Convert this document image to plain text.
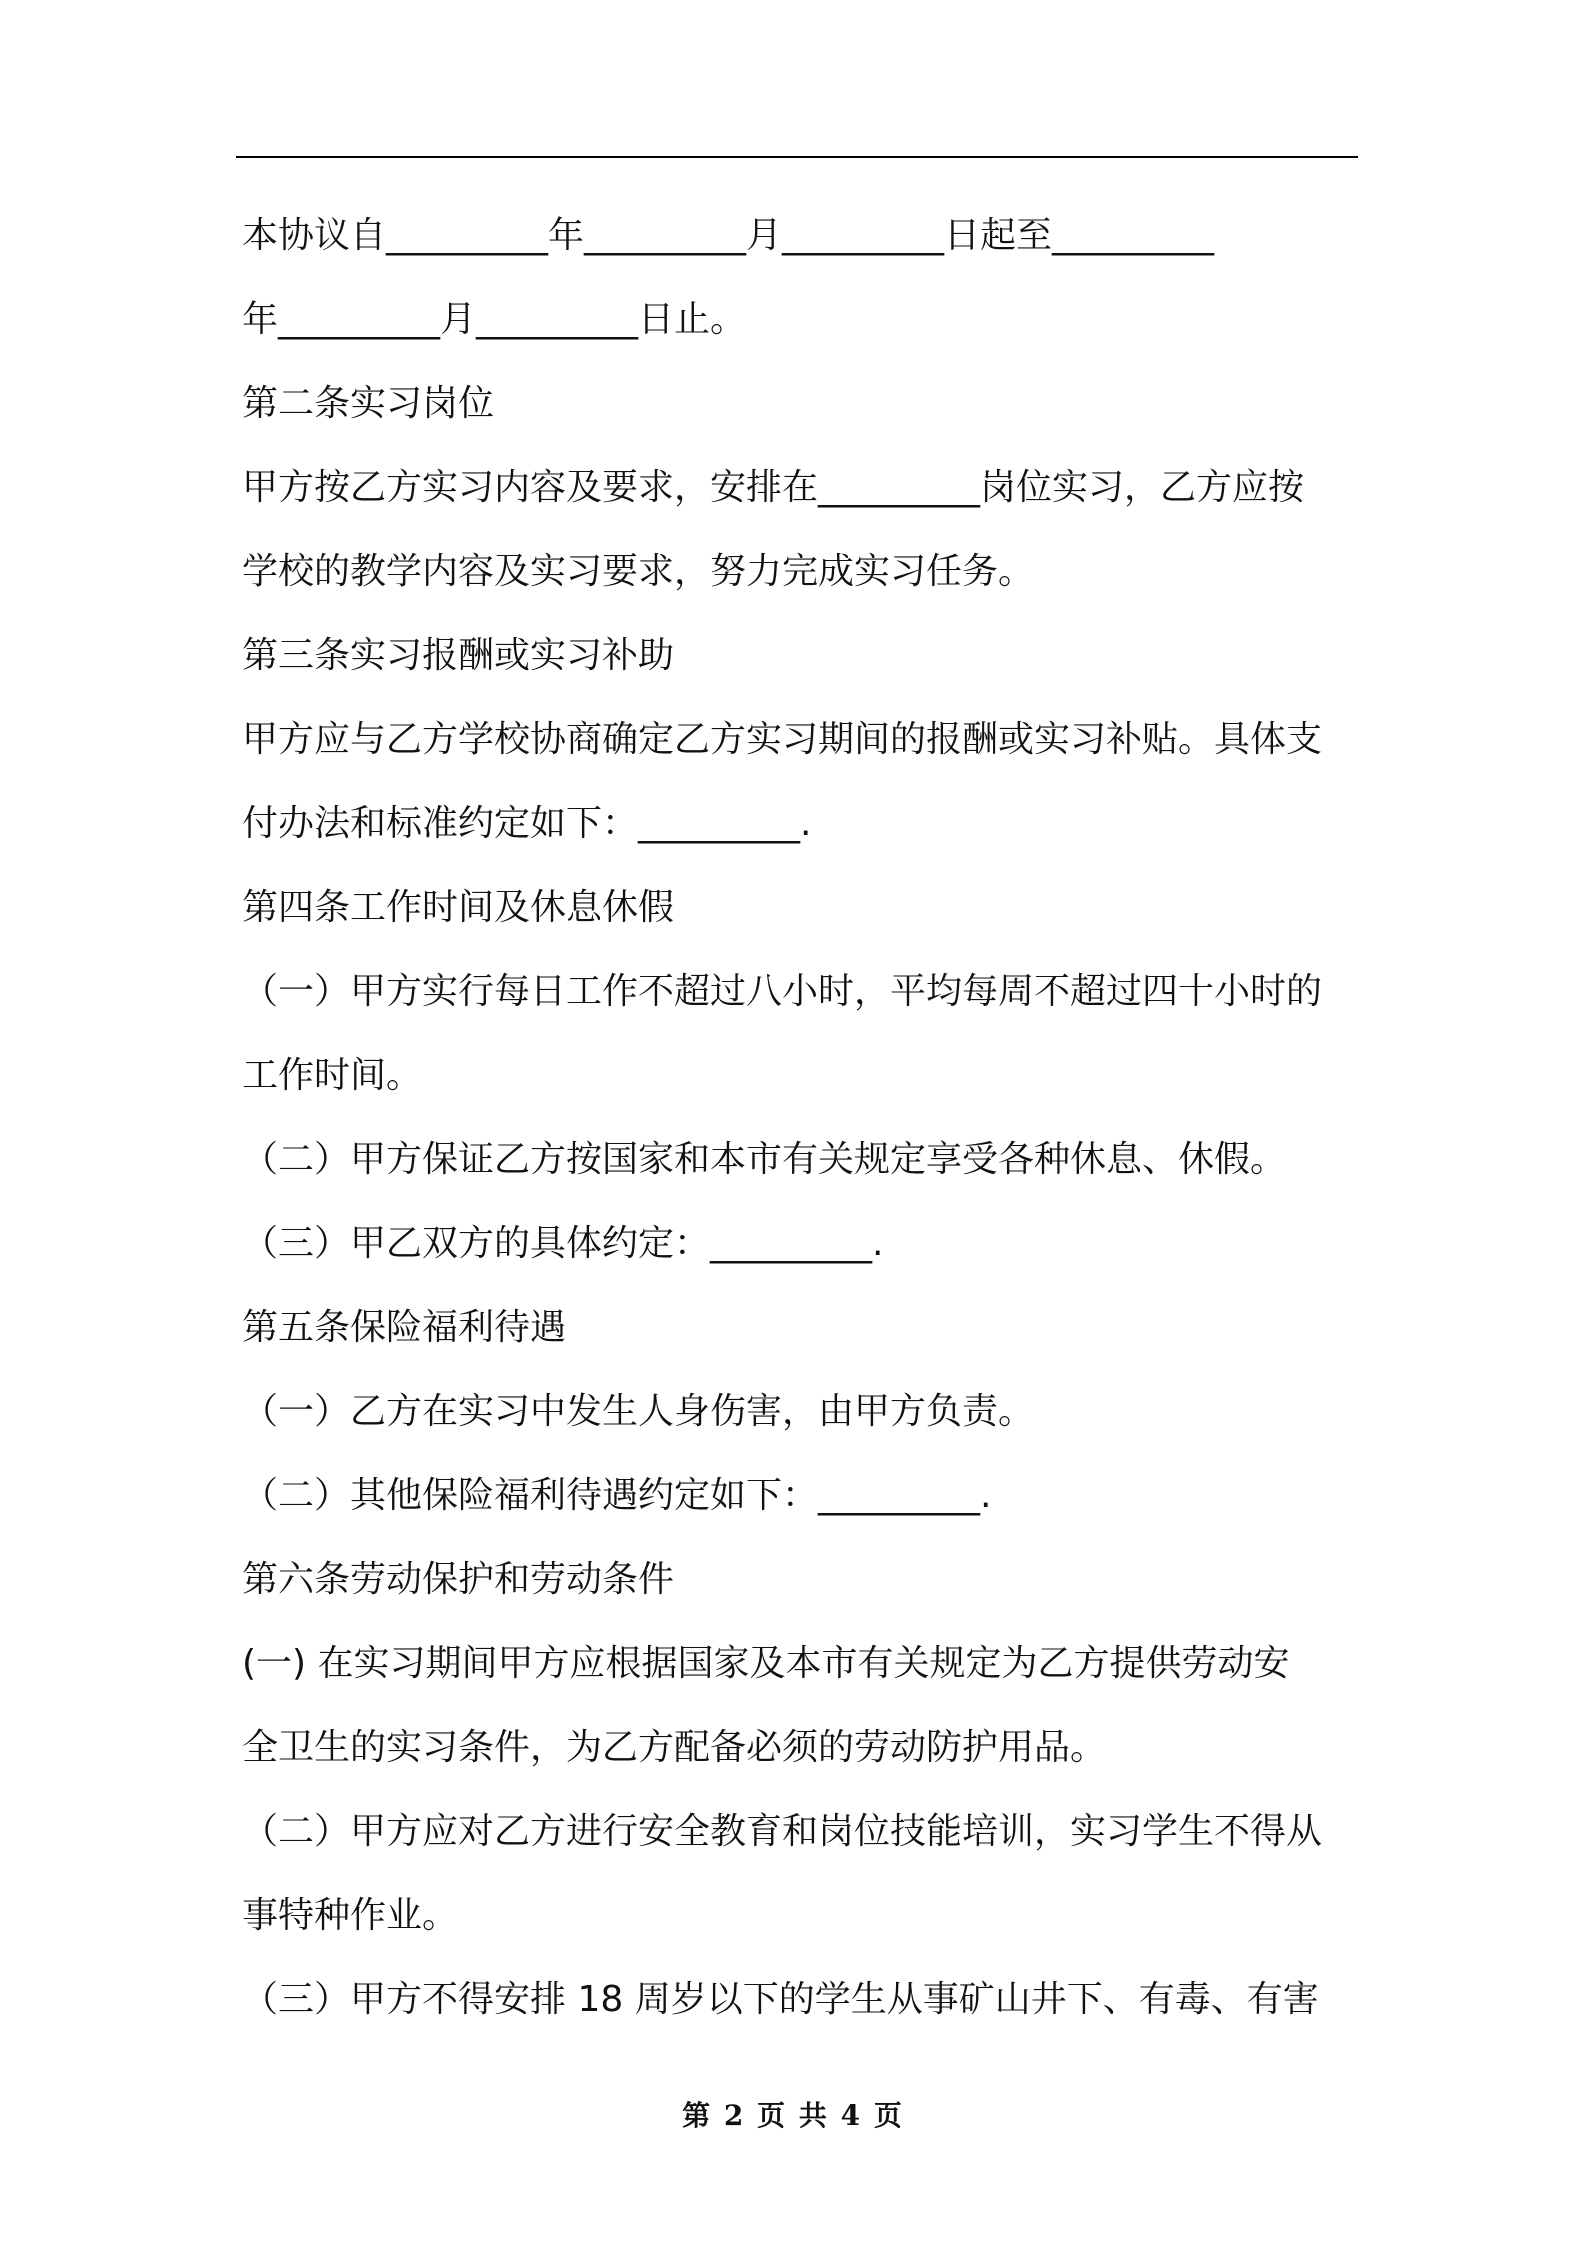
本协议自_________年_________月_________日起至_________
年_________月_________日止。
第二条实习岗位
甲方按乙方实习内容及要求，安排在_________岗位实习，乙方应按
学校的教学内容及实习要求，努力完成实习任务。
第三条实习报酬或实习补助
甲方应与乙方学校协商确定乙方实习期间的报酬或实习补贴。具体支
付办法和标准约定如下：_________.
第四条工作时间及休息休假
（一）甲方实行每日工作不超过八小时，平均每周不超过四十小时的
工作时间。
（二）甲方保证乙方按国家和本市有关规定享受各种休息、休假。
（三）甲乙双方的具体约定：_________.
第五条保险福利待遇
（一）乙方在实习中发生人身伤害，由甲方负责。
（二）其他保险福利待遇约定如下：_________.
第六条劳动保护和劳动条件
(一) 在实习期间甲方应根据国家及本市有关规定为乙方提供劳动安
全卫生的实习条件，为乙方配备必须的劳动防护用品。
（二）甲方应对乙方进行安全教育和岗位技能培训，实习学生不得从
事特种作业。
（三）甲方不得安排 18 周岁以下的学生从事矿山井下、有毒、有害
第 2 页 共 4 页
